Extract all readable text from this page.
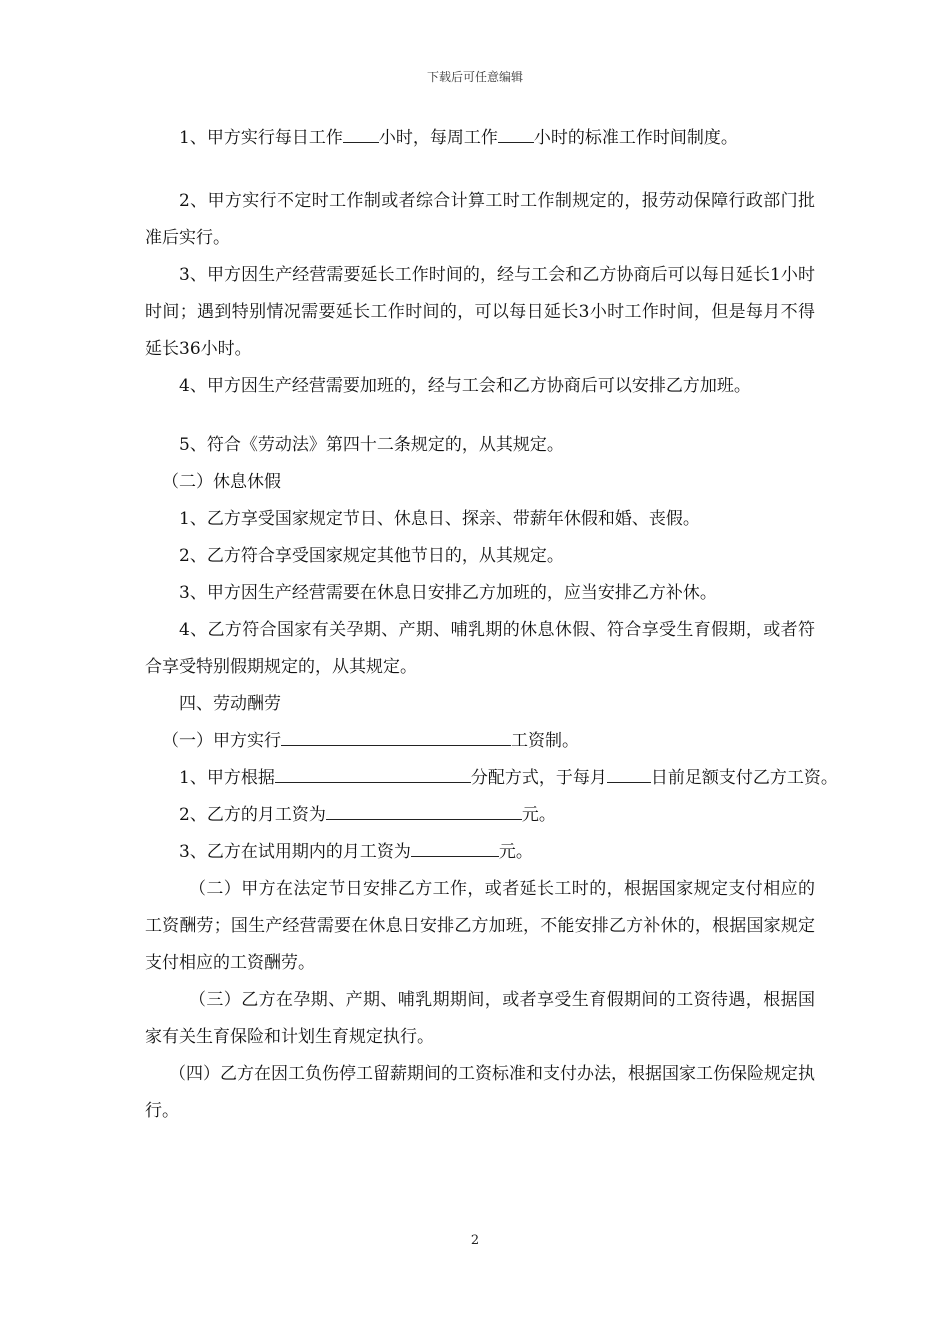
下载后可任意编辑

1、甲方实行每日工作 小时，每周工作 小时的标准工作时间制度。

2、甲方实行不定时工作制或者综合计算工时工作制规定的，报劳动保障行政部门批准后实行。

3、甲方因生产经营需要延长工作时间的，经与工会和乙方协商后可以每日延长1小时时间；遇到特别情况需要延长工作时间的，可以每日延长3小时工作时间，但是每月不得延长36小时。

4、甲方因生产经营需要加班的，经与工会和乙方协商后可以安排乙方加班。

5、符合《劳动法》第四十二条规定的，从其规定。

（二）休息休假

1、乙方享受国家规定节日、休息日、探亲、带薪年休假和婚、丧假。

2、乙方符合享受国家规定其他节日的，从其规定。

3、甲方因生产经营需要在休息日安排乙方加班的，应当安排乙方补休。

4、乙方符合国家有关孕期、产期、哺乳期的休息休假、符合享受生育假期，或者符合享受特别假期规定的，从其规定。

四、劳动酬劳

（一）甲方实行	工资制。

1、甲方根据	分配方式，于每月	日前足额支付乙方工资。

2、乙方的月工资为	元。

3、乙方在试用期内的月工资为	元。

（二）甲方在法定节日安排乙方工作，或者延长工时的，根据国家规定支付相应的工资酬劳；国生产经营需要在休息日安排乙方加班，不能安排乙方补休的，根据国家规定支付相应的工资酬劳。

（三）乙方在孕期、产期、哺乳期期间，或者享受生育假期间的工资待遇，根据国家有关生育保险和计划生育规定执行。

（四）乙方在因工负伤停工留薪期间的工资标准和支付办法，根据国家工伤保险规定执行。

2
